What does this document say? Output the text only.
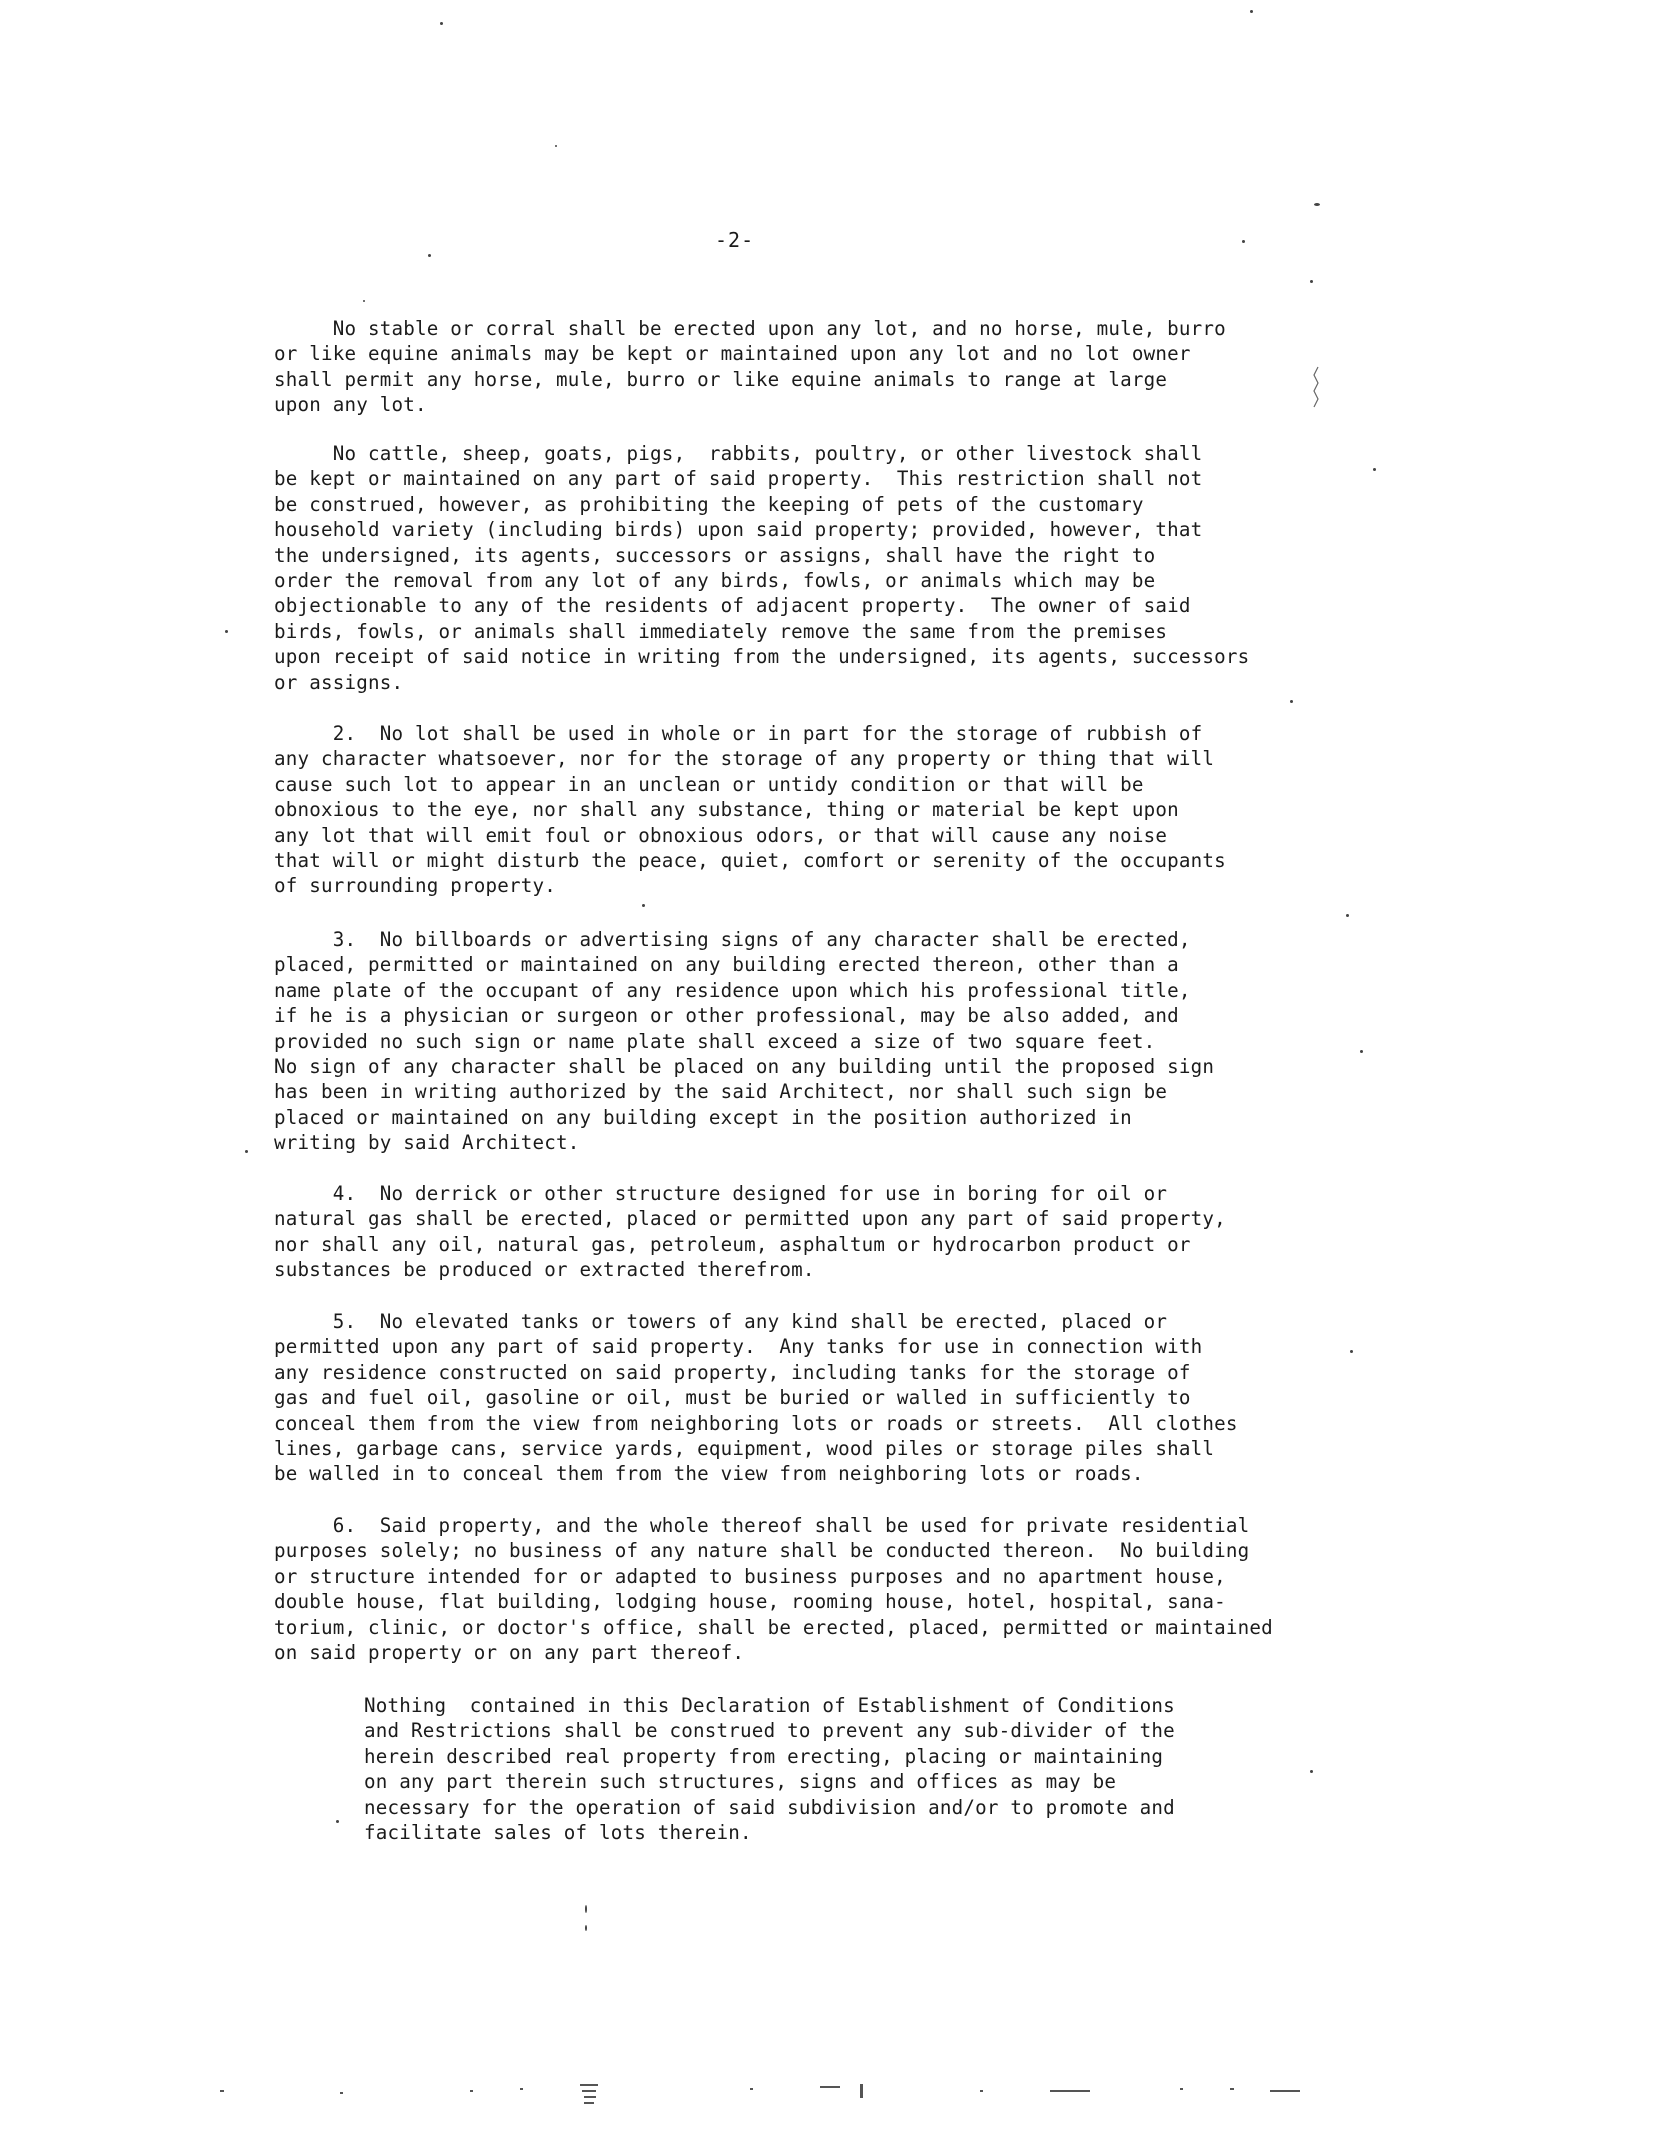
-2-

No stable or corral shall be erected upon any lot, and no horse, mule, burro
or like equine animals may be kept or maintained upon any lot and no lot owner
shall permit any horse, mule, burro or like equine animals to range at large
upon any lot.

No cattle, sheep, goats, pigs,  rabbits, poultry, or other livestock shall
be kept or maintained on any part of said property.  This restriction shall not
be construed, however, as prohibiting the keeping of pets of the customary
household variety (including birds) upon said property; provided, however, that
the undersigned, its agents, successors or assigns, shall have the right to
order the removal from any lot of any birds, fowls, or animals which may be
objectionable to any of the residents of adjacent property.  The owner of said
birds, fowls, or animals shall immediately remove the same from the premises
upon receipt of said notice in writing from the undersigned, its agents, successors
or assigns.

2.  No lot shall be used in whole or in part for the storage of rubbish of
any character whatsoever, nor for the storage of any property or thing that will
cause such lot to appear in an unclean or untidy condition or that will be
obnoxious to the eye, nor shall any substance, thing or material be kept upon
any lot that will emit foul or obnoxious odors, or that will cause any noise
that will or might disturb the peace, quiet, comfort or serenity of the occupants
of surrounding property.

3.  No billboards or advertising signs of any character shall be erected,
placed, permitted or maintained on any building erected thereon, other than a
name plate of the occupant of any residence upon which his professional title,
if he is a physician or surgeon or other professional, may be also added, and
provided no such sign or name plate shall exceed a size of two square feet.
No sign of any character shall be placed on any building until the proposed sign
has been in writing authorized by the said Architect, nor shall such sign be
placed or maintained on any building except in the position authorized in
writing by said Architect.

4.  No derrick or other structure designed for use in boring for oil or
natural gas shall be erected, placed or permitted upon any part of said property,
nor shall any oil, natural gas, petroleum, asphaltum or hydrocarbon product or
substances be produced or extracted therefrom.

5.  No elevated tanks or towers of any kind shall be erected, placed or
permitted upon any part of said property.  Any tanks for use in connection with
any residence constructed on said property, including tanks for the storage of
gas and fuel oil, gasoline or oil, must be buried or walled in sufficiently to
conceal them from the view from neighboring lots or roads or streets.  All clothes
lines, garbage cans, service yards, equipment, wood piles or storage piles shall
be walled in to conceal them from the view from neighboring lots or roads.

6.  Said property, and the whole thereof shall be used for private residential
purposes solely; no business of any nature shall be conducted thereon.  No building
or structure intended for or adapted to business purposes and no apartment house,
double house, flat building, lodging house, rooming house, hotel, hospital, sana-
torium, clinic, or doctor's office, shall be erected, placed, permitted or maintained
on said property or on any part thereof.

Nothing  contained in this Declaration of Establishment of Conditions
and Restrictions shall be construed to prevent any sub-divider of the
herein described real property from erecting, placing or maintaining
on any part therein such structures, signs and offices as may be
necessary for the operation of said subdivision and/or to promote and
facilitate sales of lots therein.
